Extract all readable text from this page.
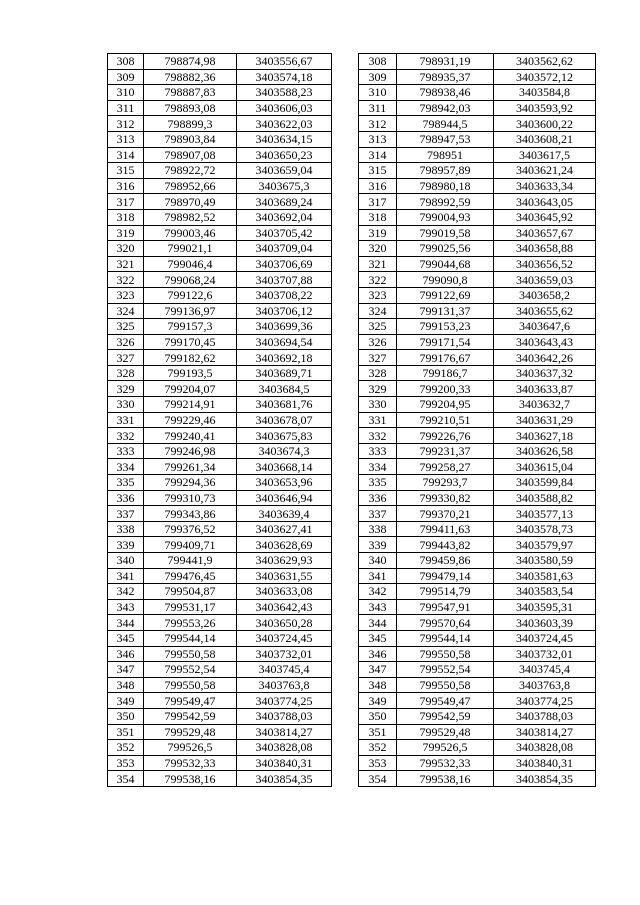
308	798874,98	3403556,67
309	798882,36	3403574,18
310	798887,83	3403588,23
311	798893,08	3403606,03
312	798899,3	3403622,03
313	798903,84	3403634,15
314	798907,08	3403650,23
315	798922,72	3403659,04
316	798952,66	3403675,3
317	798970,49	3403689,24
318	798982,52	3403692,04
319	799003,46	3403705,42
320	799021,1	3403709,04
321	799046,4	3403706,69
322	799068,24	3403707,88
323	799122,6	3403708,22
324	799136,97	3403706,12
325	799157,3	3403699,36
326	799170,45	3403694,54
327	799182,62	3403692,18
328	799193,5	3403689,71
329	799204,07	3403684,5
330	799214,91	3403681,76
331	799229,46	3403678,07
332	799240,41	3403675,83
333	799246,98	3403674,3
334	799261,34	3403668,14
335	799294,36	3403653,96
336	799310,73	3403646,94
337	799343,86	3403639,4
338	799376,52	3403627,41
339	799409,71	3403628,69
340	799441,9	3403629,93
341	799476,45	3403631,55
342	799504,87	3403633,08
343	799531,17	3403642,43
344	799553,26	3403650,28
345	799544,14	3403724,45
346	799550,58	3403732,01
347	799552,54	3403745,4
348	799550,58	3403763,8
349	799549,47	3403774,25
350	799542,59	3403788,03
351	799529,48	3403814,27
352	799526,5	3403828,08
353	799532,33	3403840,31
354	799538,16	3403854,35
308	798931,19	3403562,62
309	798935,37	3403572,12
310	798938,46	3403584,8
311	798942,03	3403593,92
312	798944,5	3403600,22
313	798947,53	3403608,21
314	798951	3403617,5
315	798957,89	3403621,24
316	798980,18	3403633,34
317	798992,59	3403643,05
318	799004,93	3403645,92
319	799019,58	3403657,67
320	799025,56	3403658,88
321	799044,68	3403656,52
322	799090,8	3403659,03
323	799122,69	3403658,2
324	799131,37	3403655,62
325	799153,23	3403647,6
326	799171,54	3403643,43
327	799176,67	3403642,26
328	799186,7	3403637,32
329	799200,33	3403633,87
330	799204,95	3403632,7
331	799210,51	3403631,29
332	799226,76	3403627,18
333	799231,37	3403626,58
334	799258,27	3403615,04
335	799293,7	3403599,84
336	799330,82	3403588,82
337	799370,21	3403577,13
338	799411,63	3403578,73
339	799443,82	3403579,97
340	799459,86	3403580,59
341	799479,14	3403581,63
342	799514,79	3403583,54
343	799547,91	3403595,31
344	799570,64	3403603,39
345	799544,14	3403724,45
346	799550,58	3403732,01
347	799552,54	3403745,4
348	799550,58	3403763,8
349	799549,47	3403774,25
350	799542,59	3403788,03
351	799529,48	3403814,27
352	799526,5	3403828,08
353	799532,33	3403840,31
354	799538,16	3403854,35
